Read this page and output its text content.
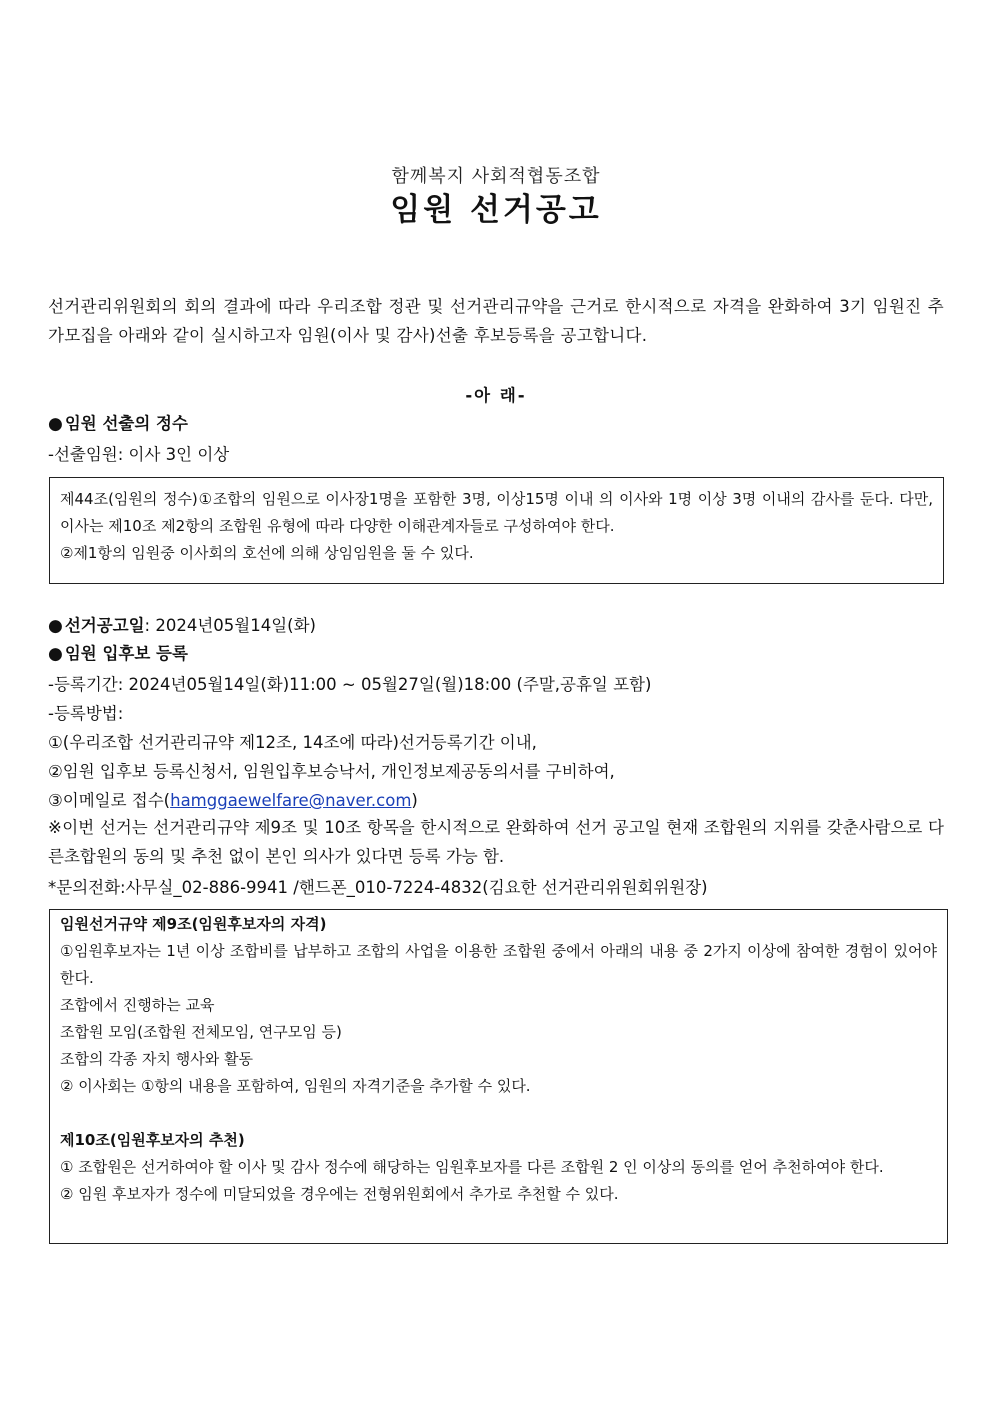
함께복지 사회적협동조합
임원 선거공고
선거관리위원회의 회의 결과에 따라 우리조합 정관 및 선거관리규약을 근거로 한시적으로 자격을 완화하여 3기 임원진 추가모집을 아래와 같이 실시하고자 임원(이사 및 감사)선출 후보등록을 공고합니다.
-아 래-
● 임원 선출의 정수
-선출임원: 이사 3인 이상

제44조(임원의 정수)①조합의 임원으로 이사장1명을 포함한 3명, 이상15명 이내 의 이사와 1명 이상 3명 이내의 감사를 둔다. 다만, 이사는 제10조 제2항의 조합원 유형에 따라 다양한 이해관계자들로 구성하여야 한다.

②제1항의 임원중 이사회의 호선에 의해 상임임원을 둘 수 있다.

● 선거공고일: 2024년05월14일(화)
● 임원 입후보 등록
-등록기간: 2024년05월14일(화)11:00 ~ 05월27일(월)18:00 (주말,공휴일 포함)
-등록방법:
①(우리조합 선거관리규약 제12조, 14조에 따라)선거등록기간 이내,
②임원 입후보 등록신청서, 임원입후보승낙서, 개인정보제공동의서를 구비하여,
③이메일로 접수(hamggaewelfare@naver.com)
※이번 선거는 선거관리규약 제9조 및 10조 항목을 한시적으로 완화하여 선거 공고일 현재 조합원의 지위를 갖춘사람으로 다른초합원의 동의 및 추천 없이 본인 의사가 있다면 등록 가능 함.
*문의전화:사무실_02-886-9941 /핸드폰_010-7224-4832(김요한 선거관리위원회위원장)

임원선거규약 제9조(임원후보자의 자격)

①임원후보자는 1년 이상 조합비를 납부하고 조합의 사업을 이용한 조합원 중에서 아래의 내용 중 2가지 이상에 참여한 경험이 있어야 한다.

조합에서 진행하는 교육

조합원 모임(조합원 전체모임, 연구모임 등)

조합의 각종 자치 행사와 활동

② 이사회는 ①항의 내용을 포함하여, 임원의 자격기준을 추가할 수 있다.

제10조(임원후보자의 추천)

① 조합원은 선거하여야 할 이사 및 감사 정수에 해당하는 임원후보자를 다른 조합원 2 인 이상의 동의를 얻어 추천하여야 한다.

② 임원 후보자가 정수에 미달되었을 경우에는 전형위원회에서 추가로 추천할 수 있다.
